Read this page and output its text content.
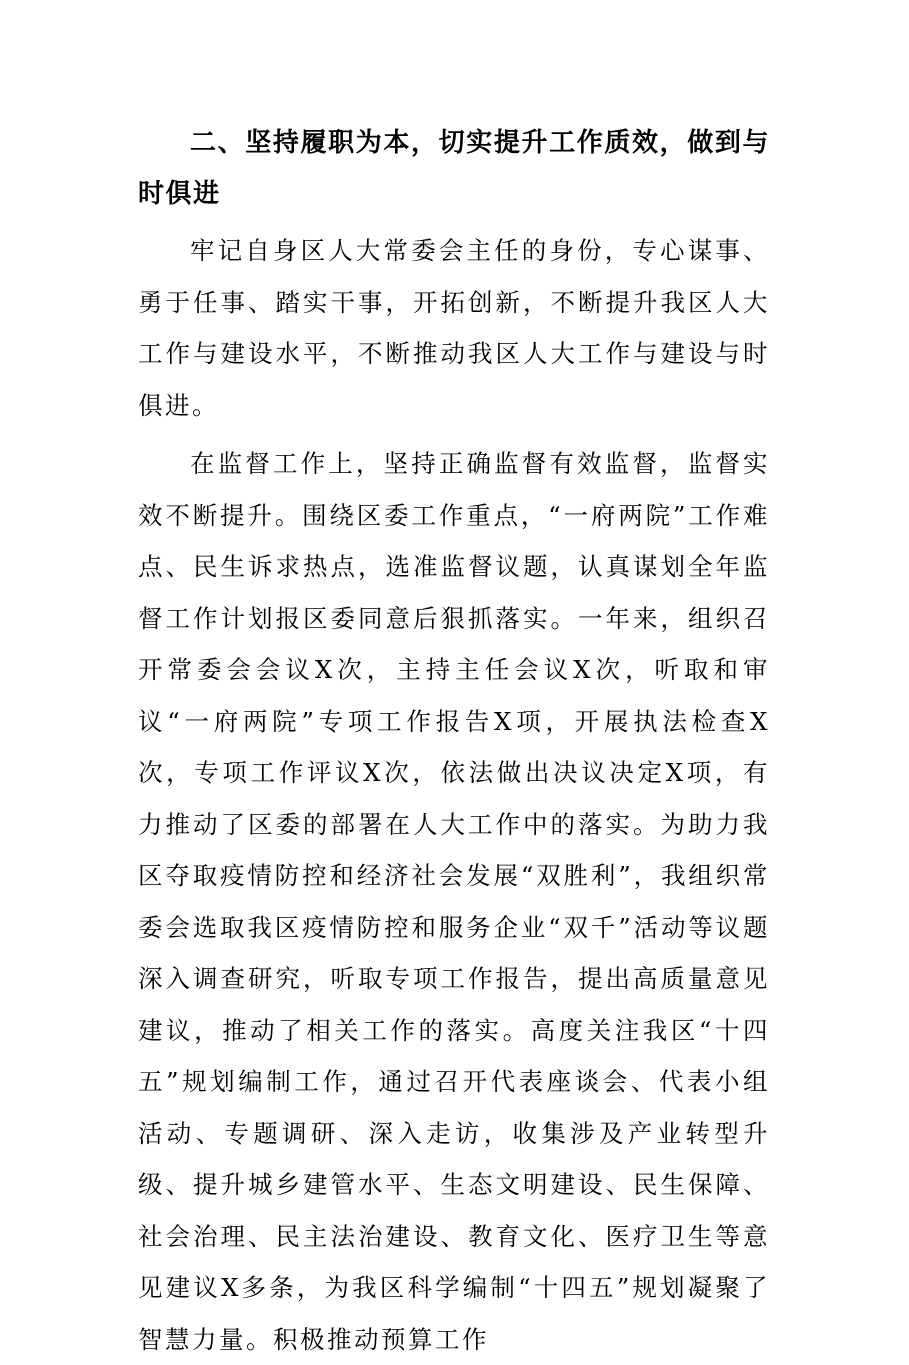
二、坚持履职为本，切实提升工作质效，做到与时俱进

牢记自身区人大常委会主任的身份，专心谋事、勇于任事、踏实干事，开拓创新，不断提升我区人大工作与建设水平，不断推动我区人大工作与建设与时俱进。

在监督工作上，坚持正确监督有效监督，监督实效不断提升。围绕区委工作重点，“一府两院”工作难点、民生诉求热点，选准监督议题，认真谋划全年监督工作计划报区委同意后狠抓落实。一年来，组织召开常委会会议X次，主持主任会议X次，听取和审议“一府两院”专项工作报告X项，开展执法检查X次，专项工作评议X次，依法做出决议决定X项，有力推动了区委的部署在人大工作中的落实。为助力我区夺取疫情防控和经济社会发展“双胜利”，我组织常委会选取我区疫情防控和服务企业“双千”活动等议题深入调查研究，听取专项工作报告，提出高质量意见建议，推动了相关工作的落实。高度关注我区“十四五”规划编制工作，通过召开代表座谈会、代表小组活动、专题调研、深入走访，收集涉及产业转型升级、提升城乡建管水平、生态文明建设、民生保障、社会治理、民主法治建设、教育文化、医疗卫生等意见建议X多条，为我区科学编制“十四五”规划凝聚了智慧力量。积极推动预算工作
